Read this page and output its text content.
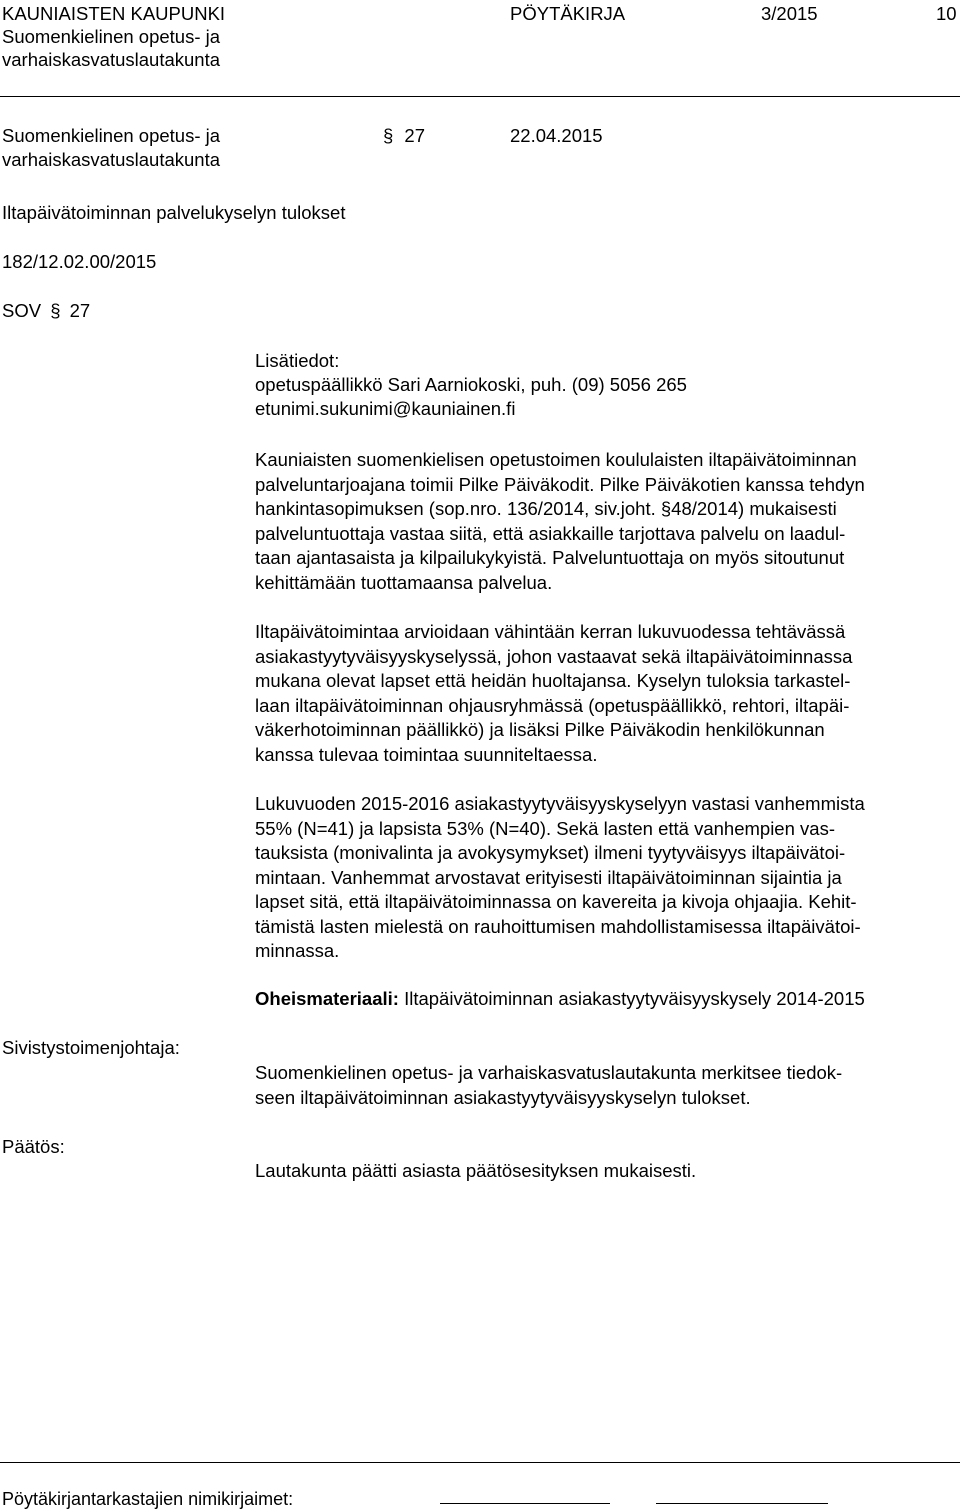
KAUNIAISTEN KAUPUNKI
Suomenkielinen opetus- ja
varhaiskasvatuslautakunta
PÖYTÄKIRJA	3/2015	10
Suomenkielinen opetus- ja
varhaiskasvatuslautakunta
§ 27	22.04.2015
Iltapäivätoiminnan palvelukyselyn tulokset
182/12.02.00/2015
SOV § 27
Lisätiedot:
opetuspäällikkö Sari Aarniokoski, puh. (09) 5056 265
etunimi.sukunimi@kauniainen.fi

Kauniaisten suomenkielisen opetustoimen koululaisten iltapäivätoiminnan

palveluntarjoajana toimii Pilke Päiväkodit. Pilke Päiväkotien kanssa tehdyn

hankintasopimuksen (sop.nro. 136/2014, siv.joht. §48/2014) mukaisesti

palveluntuottaja vastaa siitä, että asiakkaille tarjottava palvelu on laadul-

taan ajantasaista ja kilpailukykyistä. Palveluntuottaja on myös sitoutunut

kehittämään tuottamaansa palvelua.

Iltapäivätoimintaa arvioidaan vähintään kerran lukuvuodessa tehtävässä

asiakastyytyväisyyskyselyssä, johon vastaavat sekä iltapäivätoiminnassa

mukana olevat lapset että heidän huoltajansa. Kyselyn tuloksia tarkastel-

laan iltapäivätoiminnan ohjausryhmässä (opetuspäällikkö, rehtori, iltapäi-

väkerhotoiminnan päällikkö) ja lisäksi Pilke Päiväkodin henkilökunnan

kanssa tulevaa toimintaa suunniteltaessa.

Lukuvuoden 2015-2016 asiakastyytyväisyyskyselyyn vastasi vanhemmista

55% (N=41) ja lapsista 53% (N=40). Sekä lasten että vanhempien vas-

tauksista (monivalinta ja avokysymykset) ilmeni tyytyväisyys iltapäivätoi-

mintaan. Vanhemmat arvostavat erityisesti iltapäivätoiminnan sijaintia ja

lapset sitä, että iltapäivätoiminnassa on kavereita ja kivoja ohjaajia. Kehit-

tämistä lasten mielestä on rauhoittumisen mahdollistamisessa iltapäivätoi-

minnassa.

Oheismateriaali: Iltapäivätoiminnan asiakastyytyväisyyskysely 2014-2015
Sivistystoimenjohtaja:

Suomenkielinen opetus- ja varhaiskasvatuslautakunta merkitsee tiedok-

seen iltapäivätoiminnan asiakastyytyväisyyskyselyn tulokset.

Päätös:
Lautakunta päätti asiasta päätösesityksen mukaisesti.
Pöytäkirjantarkastajien nimikirjaimet:
